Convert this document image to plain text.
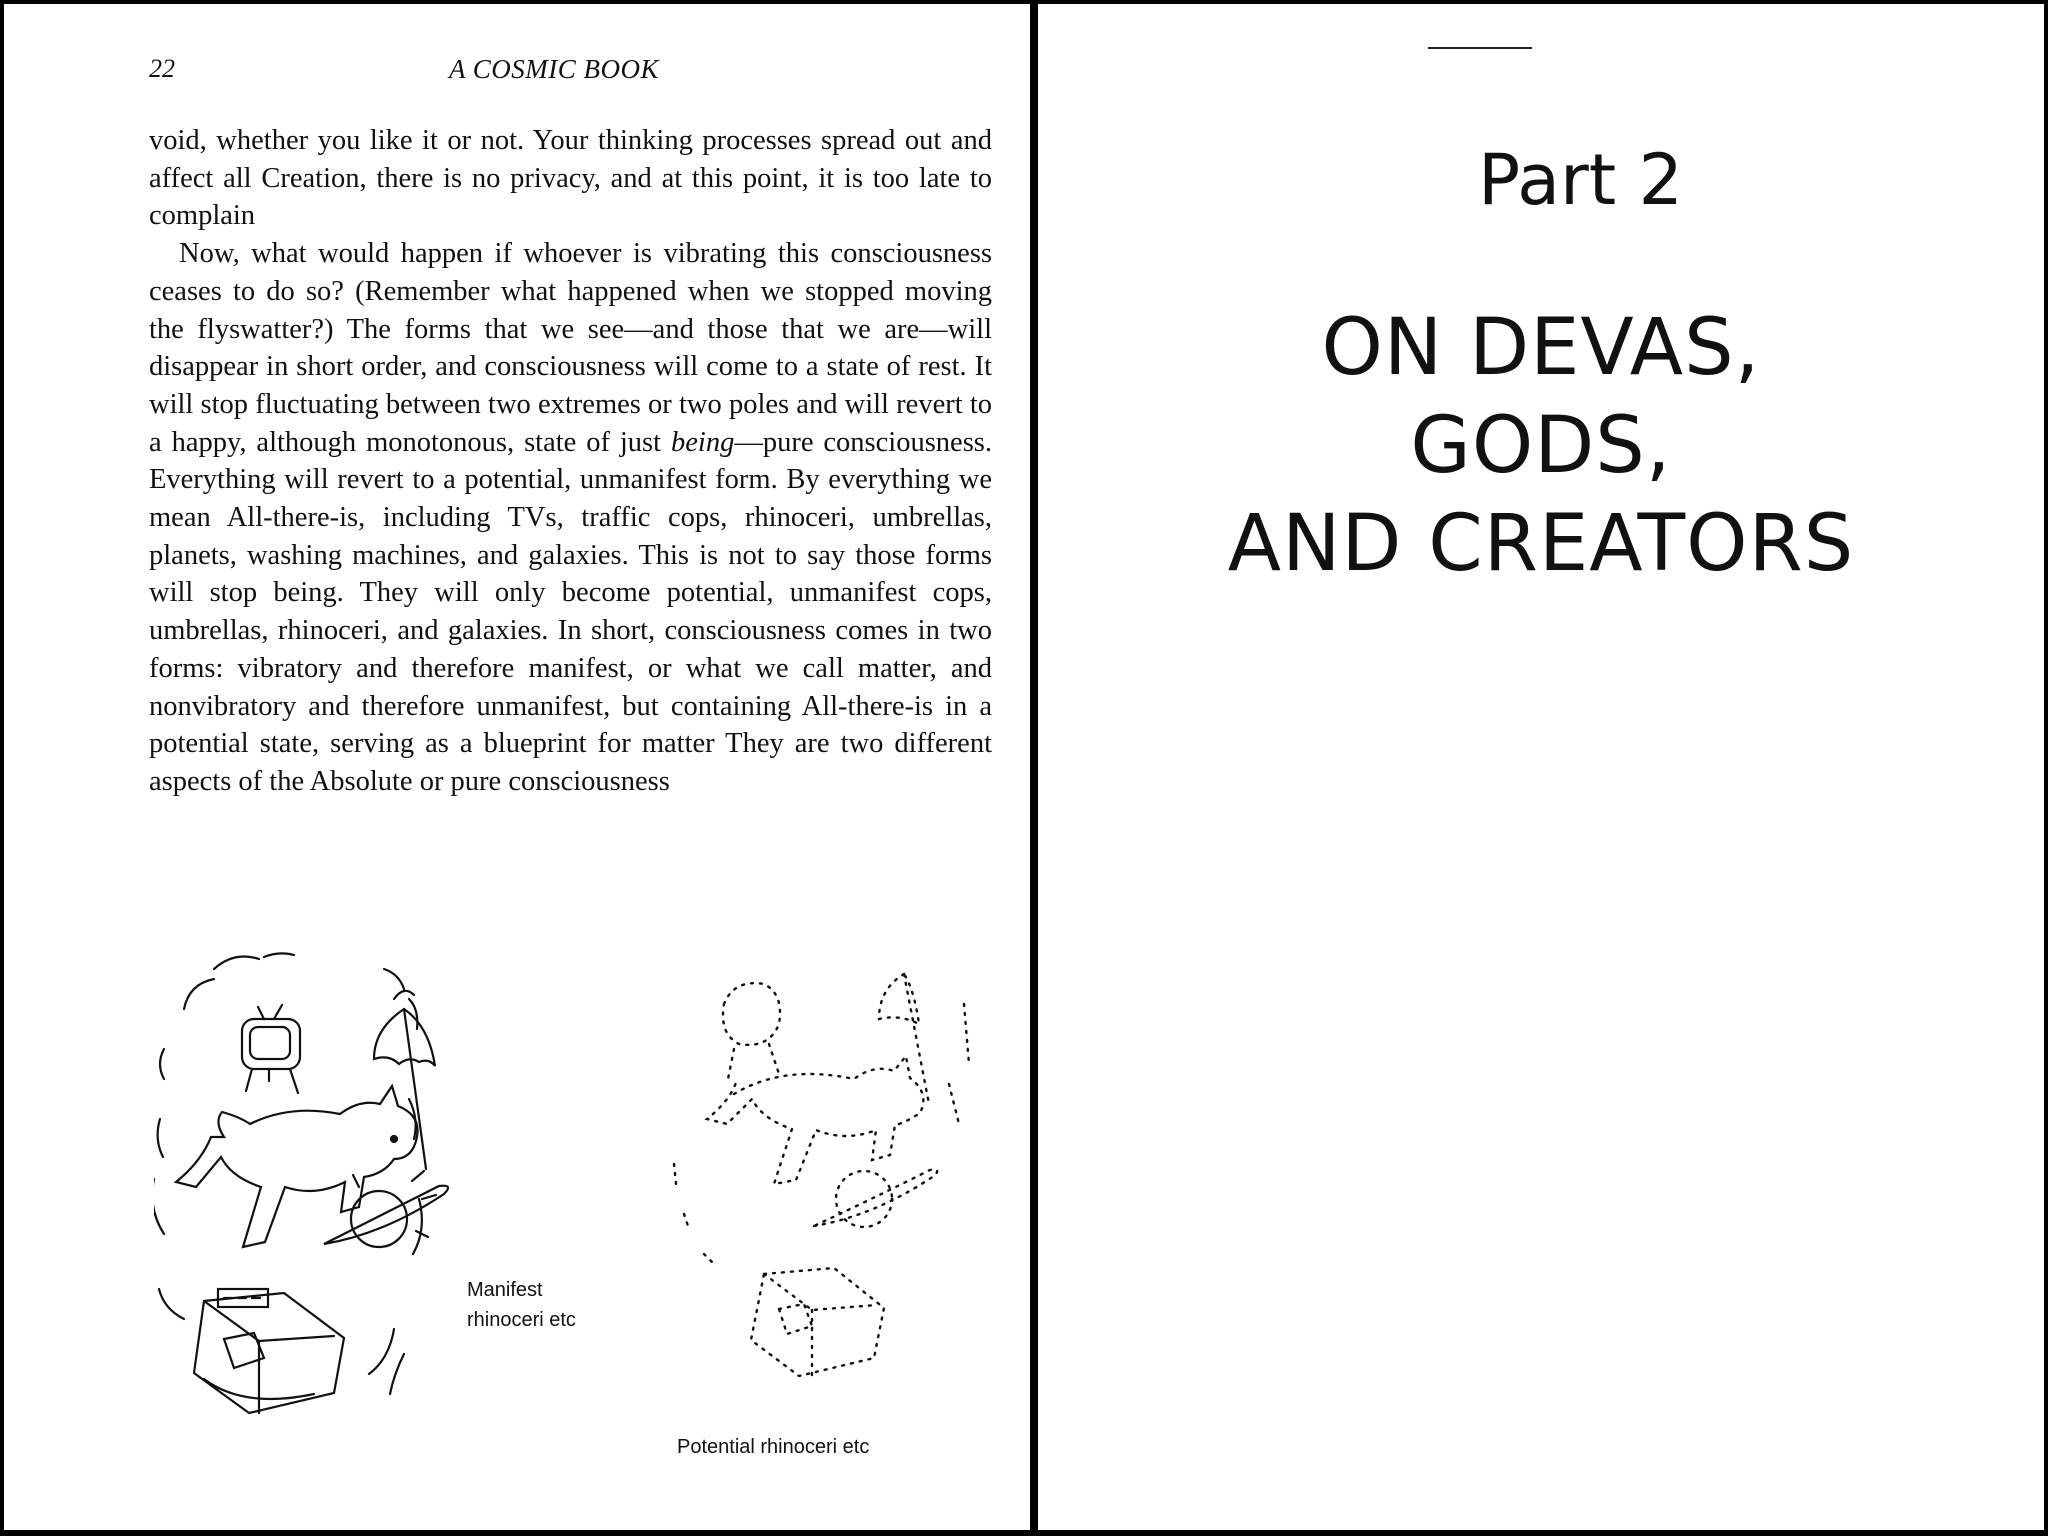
22	A COSMIC BOOK

void, whether you like it or not. Your thinking processes spread out and affect all Creation, there is no privacy, and at this point, it is too late to complain

Now, what would happen if whoever is vibrating this consciousness ceases to do so? (Remember what happened when we stopped moving the flyswatter?) The forms that we see—and those that we are—will disappear in short order, and consciousness will come to a state of rest. It will stop fluctuating between two extremes or two poles and will revert to a happy, although monotonous, state of just being—pure consciousness. Everything will revert to a potential, unmanifest form. By everything we mean All-there-is, including TVs, traffic cops, rhinoceri, umbrellas, planets, washing machines, and galaxies. This is not to say those forms will stop being. They will only become potential, unmanifest cops, umbrellas, rhinoceri, and galaxies. In short, consciousness comes in two forms: vibratory and therefore manifest, or what we call matter, and nonvibratory and therefore unmanifest, but containing All-there-is in a potential state, serving as a blueprint for matter They are two different aspects of the Absolute or pure consciousness

Manifest
rhinoceri etc
Potential rhinoceri etc
Part 2
ON DEVAS,
GODS,
AND CREATORS
